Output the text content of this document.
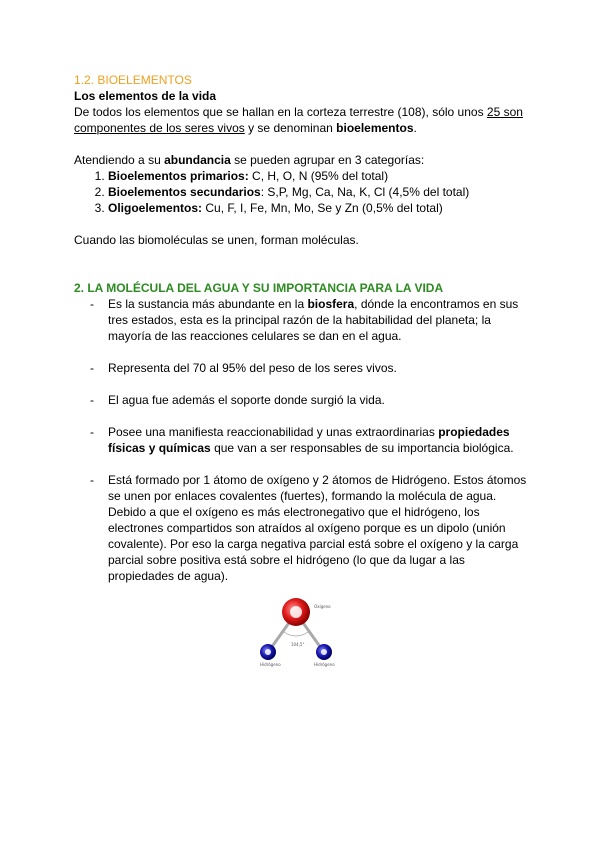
1.2. BIOELEMENTOS
Los elementos de la vida
De todos los elementos que se hallan en la corteza terrestre (108), sólo unos 25 son componentes de los seres vivos y se denominan bioelementos.
Atendiendo a su abundancia se pueden agrupar en 3 categorías:
1. Bioelementos primarios: C, H, O, N (95% del total)
2. Bioelementos secundarios: S,P, Mg, Ca, Na, K, Cl (4,5% del total)
3. Oligoelementos: Cu, F, I, Fe, Mn, Mo, Se y Zn (0,5% del total)
Cuando las biomoléculas se unen, forman moléculas.
2. LA MOLÉCULA DEL AGUA Y SU IMPORTANCIA PARA LA VIDA
- Es la sustancia más abundante en la biosfera, dónde la encontramos en sus tres estados, esta es la principal razón de la habitabilidad del planeta; la mayoría de las reacciones celulares se dan en el agua.
- Representa del 70 al 95% del peso de los seres vivos.
- El agua fue además el soporte donde surgió la vida.
- Posee una manifiesta reaccionabilidad y unas extraordinarias propiedades físicas y químicas que van a ser responsables de su importancia biológica.
- Está formado por 1 átomo de oxígeno y 2 átomos de Hidrógeno. Estos átomos se unen por enlaces covalentes (fuertes), formando la molécula de agua. Debido a que el oxígeno es más electronegativo que el hidrógeno, los electrones compartidos son atraídos al oxígeno porque es un dipolo (unión covalente). Por eso la carga negativa parcial está sobre el oxígeno y la carga parcial sobre positiva está sobre el hidrógeno (lo que da lugar a las propiedades de agua).
104,5°
Oxígeno
Hidrógeno	Hidrógeno
